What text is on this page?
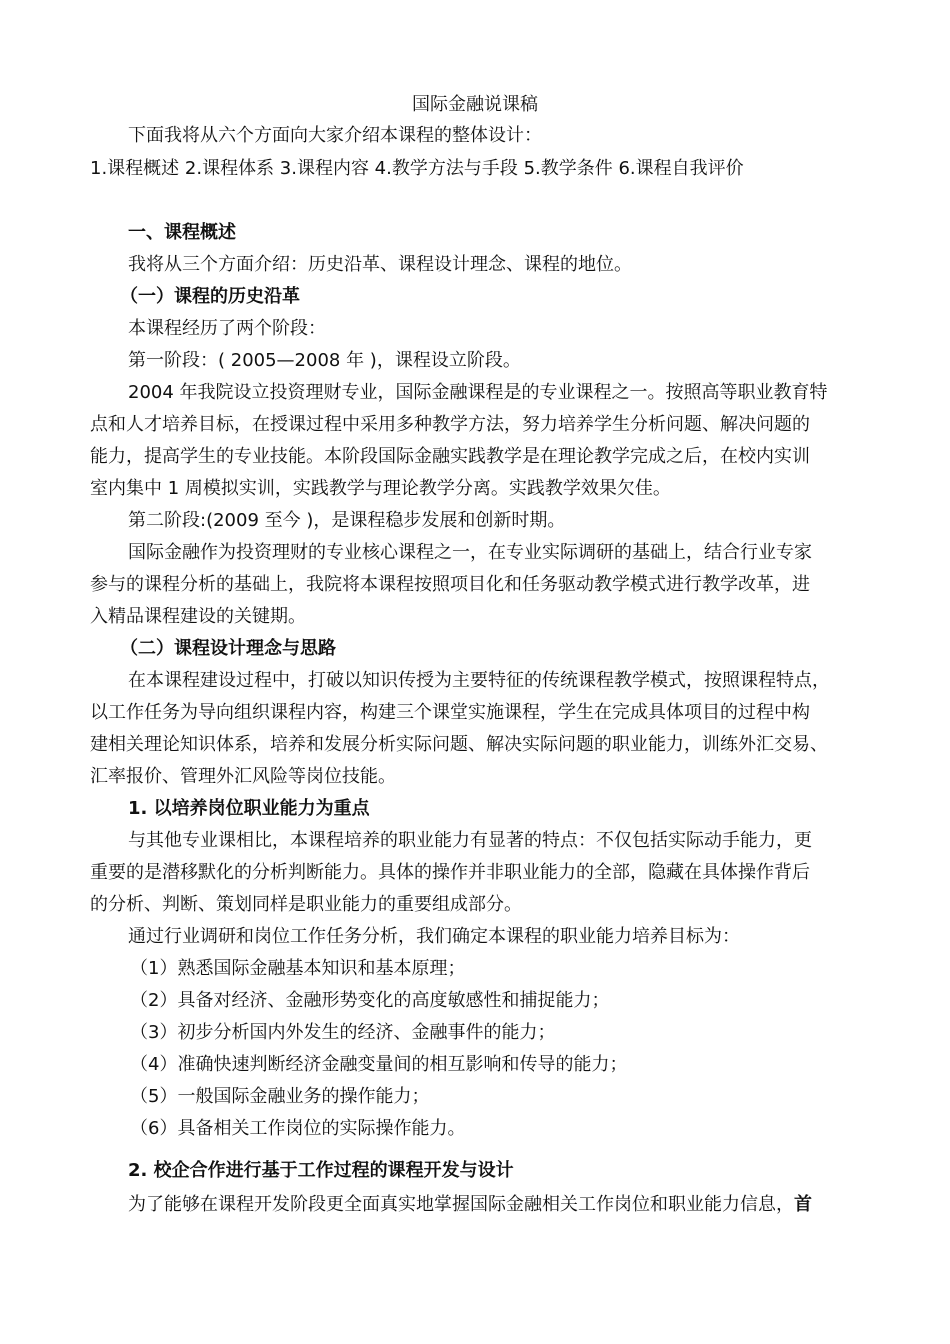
国际金融说课稿

下面我将从六个方面向大家介绍本课程的整体设计：

1.课程概述 2.课程体系 3.课程内容 4.教学方法与手段 5.教学条件 6.课程自我评价

一、课程概述

我将从三个方面介绍：历史沿革、课程设计理念、课程的地位。

（一）课程的历史沿革

本课程经历了两个阶段：

第一阶段：( 2005—2008 年 )，课程设立阶段。

2004 年我院设立投资理财专业，国际金融课程是的专业课程之一。按照高等职业教育特

点和人才培养目标，在授课过程中采用多种教学方法，努力培养学生分析问题、解决问题的

能力，提高学生的专业技能。本阶段国际金融实践教学是在理论教学完成之后，在校内实训

室内集中 1 周模拟实训，实践教学与理论教学分离。实践教学效果欠佳。

第二阶段:(2009 至今 )，是课程稳步发展和创新时期。

国际金融作为投资理财的专业核心课程之一，在专业实际调研的基础上，结合行业专家

参与的课程分析的基础上，我院将本课程按照项目化和任务驱动教学模式进行教学改革，进

入精品课程建设的关键期。

（二）课程设计理念与思路

在本课程建设过程中，打破以知识传授为主要特征的传统课程教学模式，按照课程特点，

以工作任务为导向组织课程内容，构建三个课堂实施课程，学生在完成具体项目的过程中构

建相关理论知识体系，培养和发展分析实际问题、解决实际问题的职业能力，训练外汇交易、

汇率报价、管理外汇风险等岗位技能。

1. 以培养岗位职业能力为重点

与其他专业课相比，本课程培养的职业能力有显著的特点：不仅包括实际动手能力，更

重要的是潜移默化的分析判断能力。具体的操作并非职业能力的全部，隐藏在具体操作背后

的分析、判断、策划同样是职业能力的重要组成部分。

通过行业调研和岗位工作任务分析，我们确定本课程的职业能力培养目标为：

（1）熟悉国际金融基本知识和基本原理；

（2）具备对经济、金融形势变化的高度敏感性和捕捉能力；

（3）初步分析国内外发生的经济、金融事件的能力；

（4）准确快速判断经济金融变量间的相互影响和传导的能力；

（5）一般国际金融业务的操作能力；

（6）具备相关工作岗位的实际操作能力。

2. 校企合作进行基于工作过程的课程开发与设计

为了能够在课程开发阶段更全面真实地掌握国际金融相关工作岗位和职业能力信息，首
